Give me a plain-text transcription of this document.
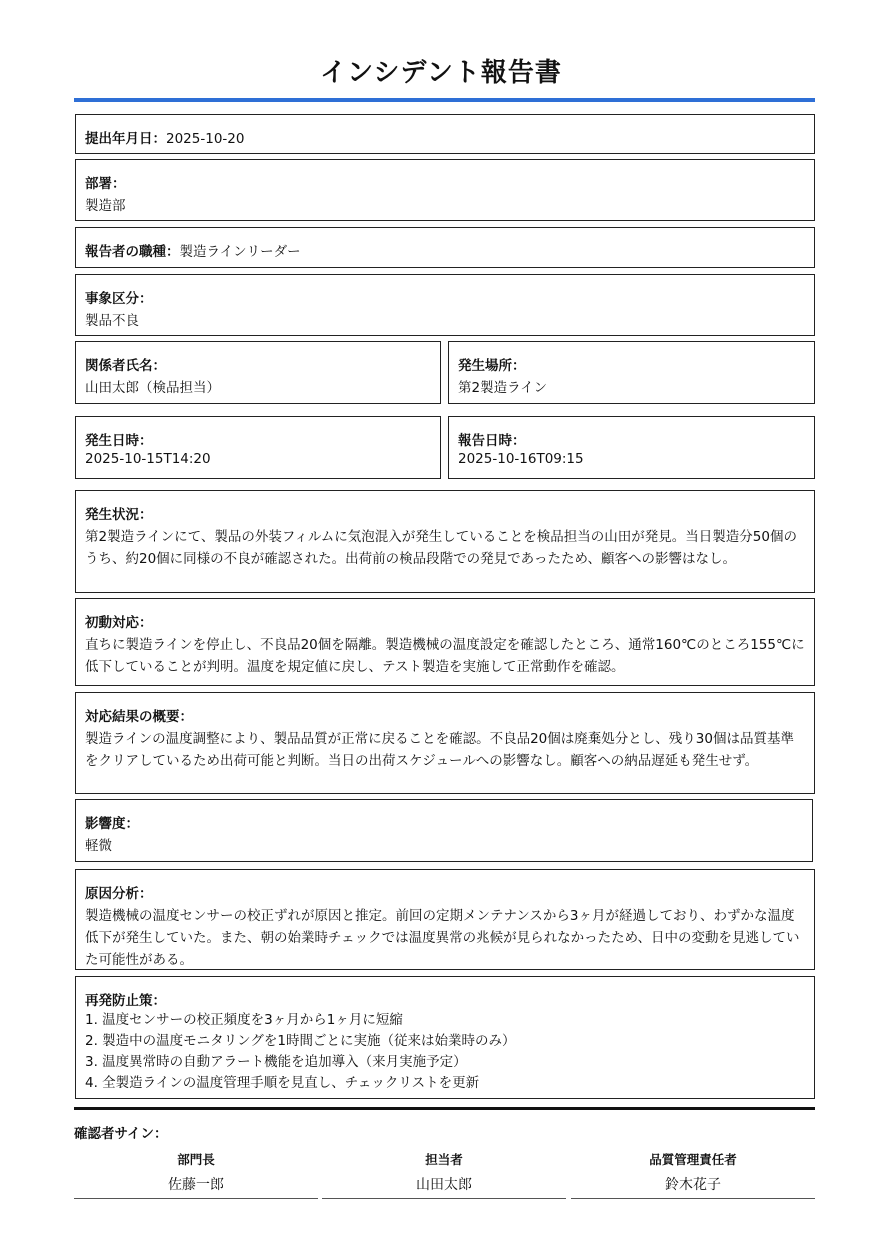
インシデント報告書
提出年月日：2025-10-20
部署：
製造部
報告者の職種：製造ラインリーダー
事象区分：
製品不良
関係者氏名：
山田太郎（検品担当）
発生場所：
第2製造ライン
発生日時：
2025-10-15T14:20
報告日時：
2025-10-16T09:15
発生状況：
第2製造ラインにて、製品の外装フィルムに気泡混入が発生していることを検品担当の山田が発見。当日製造分50個のうち、約20個に同様の不良が確認された。出荷前の検品段階での発見であったため、顧客への影響はなし。
初動対応：
直ちに製造ラインを停止し、不良品20個を隔離。製造機械の温度設定を確認したところ、通常160℃のところ155℃に低下していることが判明。温度を規定値に戻し、テスト製造を実施して正常動作を確認。
対応結果の概要：
製造ラインの温度調整により、製品品質が正常に戻ることを確認。不良品20個は廃棄処分とし、残り30個は品質基準をクリアしているため出荷可能と判断。当日の出荷スケジュールへの影響なし。顧客への納品遅延も発生せず。
影響度：
軽微
原因分析：
製造機械の温度センサーの校正ずれが原因と推定。前回の定期メンテナンスから3ヶ月が経過しており、わずかな温度低下が発生していた。また、朝の始業時チェックでは温度異常の兆候が見られなかったため、日中の変動を見逃していた可能性がある。
再発防止策：
1. 温度センサーの校正頻度を3ヶ月から1ヶ月に短縮
2. 製造中の温度モニタリングを1時間ごとに実施（従来は始業時のみ）
3. 温度異常時の自動アラート機能を追加導入（来月実施予定）
4. 全製造ラインの温度管理手順を見直し、チェックリストを更新
確認者サイン：
部門長
佐藤一郎
担当者
山田太郎
品質管理責任者
鈴木花子
